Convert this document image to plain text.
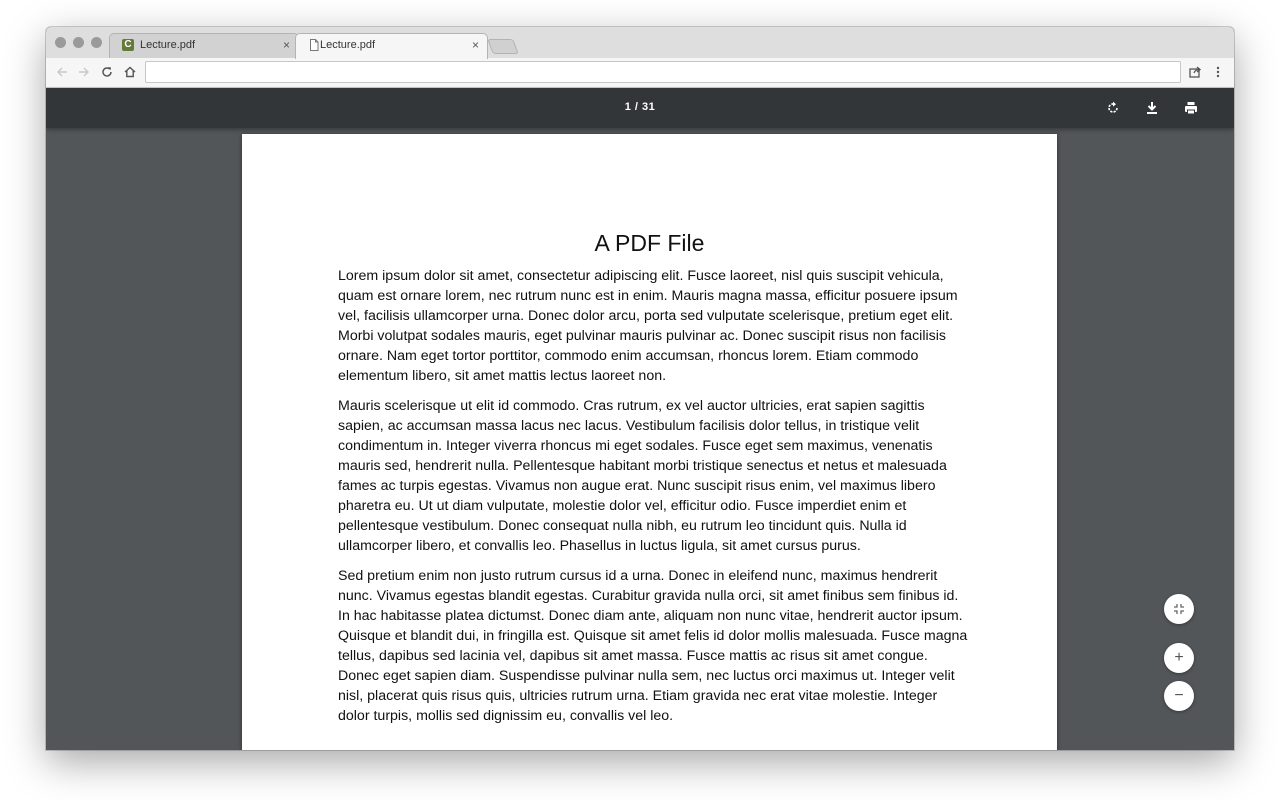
C Lecture.pdf	×	Lecture.pdf	×
1 / 31
A PDF File

Lorem ipsum dolor sit amet, consectetur adipiscing elit. Fusce laoreet, nisl quis suscipit vehicula, quam est ornare lorem, nec rutrum nunc est in enim. Mauris magna massa, efficitur posuere ipsum vel, facilisis ullamcorper urna. Donec dolor arcu, porta sed vulputate scelerisque, pretium eget elit. Morbi volutpat sodales mauris, eget pulvinar mauris pulvinar ac. Donec suscipit risus non facilisis ornare. Nam eget tortor porttitor, commodo enim accumsan, rhoncus lorem. Etiam commodo elementum libero, sit amet mattis lectus laoreet non.

Mauris scelerisque ut elit id commodo. Cras rutrum, ex vel auctor ultricies, erat sapien sagittis sapien, ac accumsan massa lacus nec lacus. Vestibulum facilisis dolor tellus, in tristique velit condimentum in. Integer viverra rhoncus mi eget sodales. Fusce eget sem maximus, venenatis mauris sed, hendrerit nulla. Pellentesque habitant morbi tristique senectus et netus et malesuada fames ac turpis egestas. Vivamus non augue erat. Nunc suscipit risus enim, vel maximus libero pharetra eu. Ut ut diam vulputate, molestie dolor vel, efficitur odio. Fusce imperdiet enim et pellentesque vestibulum. Donec consequat nulla nibh, eu rutrum leo tincidunt quis. Nulla id ullamcorper libero, et convallis leo. Phasellus in luctus ligula, sit amet cursus purus.

Sed pretium enim non justo rutrum cursus id a urna. Donec in eleifend nunc, maximus hendrerit nunc. Vivamus egestas blandit egestas. Curabitur gravida nulla orci, sit amet finibus sem finibus id. In hac habitasse platea dictumst. Donec diam ante, aliquam non nunc vitae, hendrerit auctor ipsum. Quisque et blandit dui, in fringilla est. Quisque sit amet felis id dolor mollis malesuada. Fusce magna tellus, dapibus sed lacinia vel, dapibus sit amet massa. Fusce mattis ac risus sit amet congue. Donec eget sapien diam. Suspendisse pulvinar nulla sem, nec luctus orci maximus ut. Integer velit nisl, placerat quis risus quis, ultricies rutrum urna. Etiam gravida nec erat vitae molestie. Integer dolor turpis, mollis sed dignissim eu, convallis vel leo.

+
−
